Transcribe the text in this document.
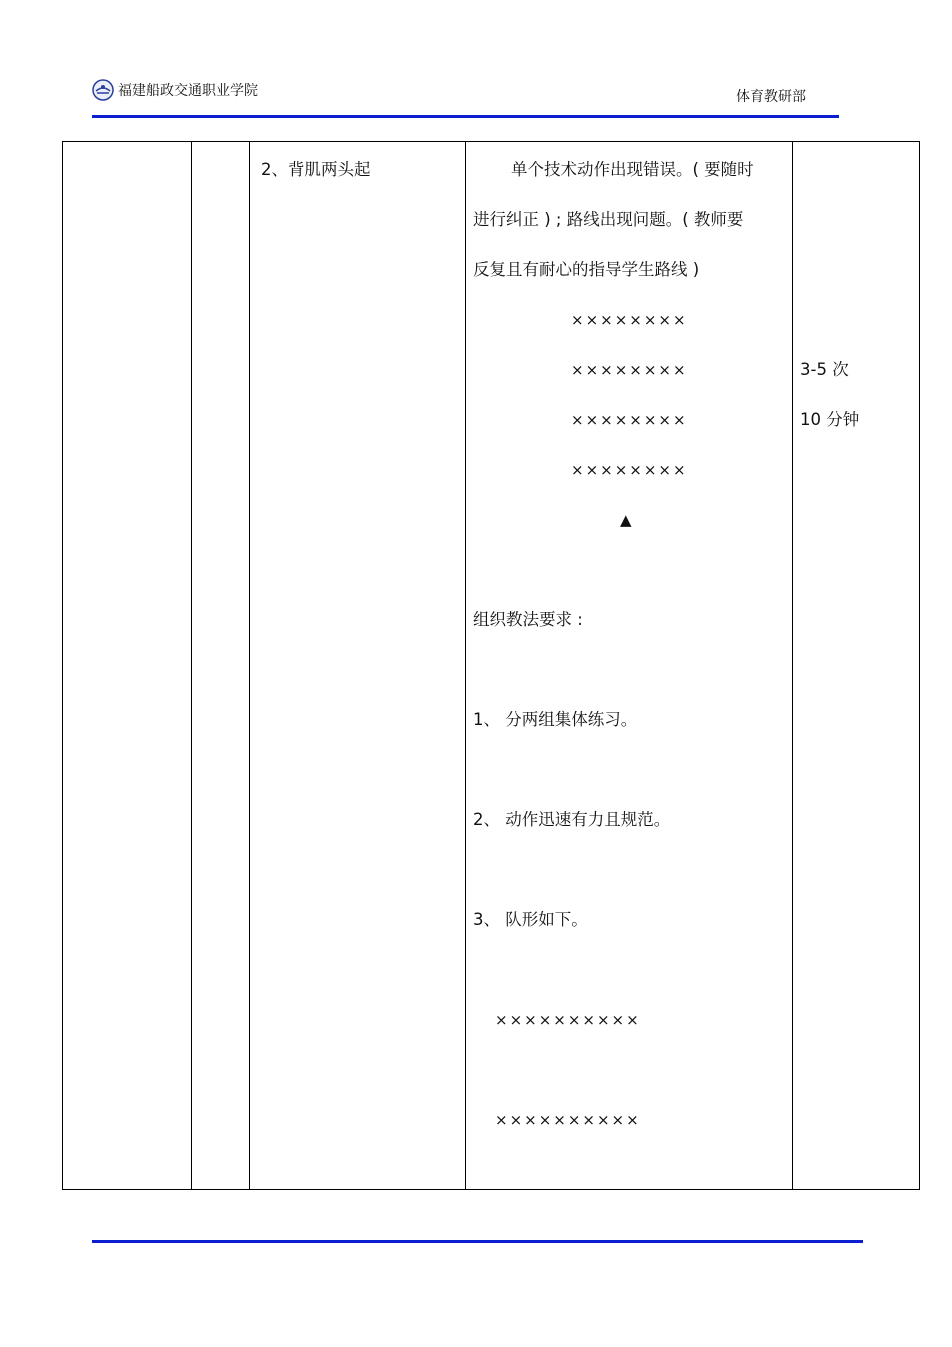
福建船政交通职业学院	体育教研部
2、背肌两头起	单个技术动作出现错误。( 要随时
进行纠正 ) ; 路线出现问题。( 教师要
反复且有耐心的指导学生路线 )
××××××××
××××××××
××××××××
××××××××
▲
组织教法要求 :
1、 分两组集体练习。
2、 动作迅速有力且规范。
3、 队形如下。
××××××××××
××××××××××
3-5 次
10 分钟
